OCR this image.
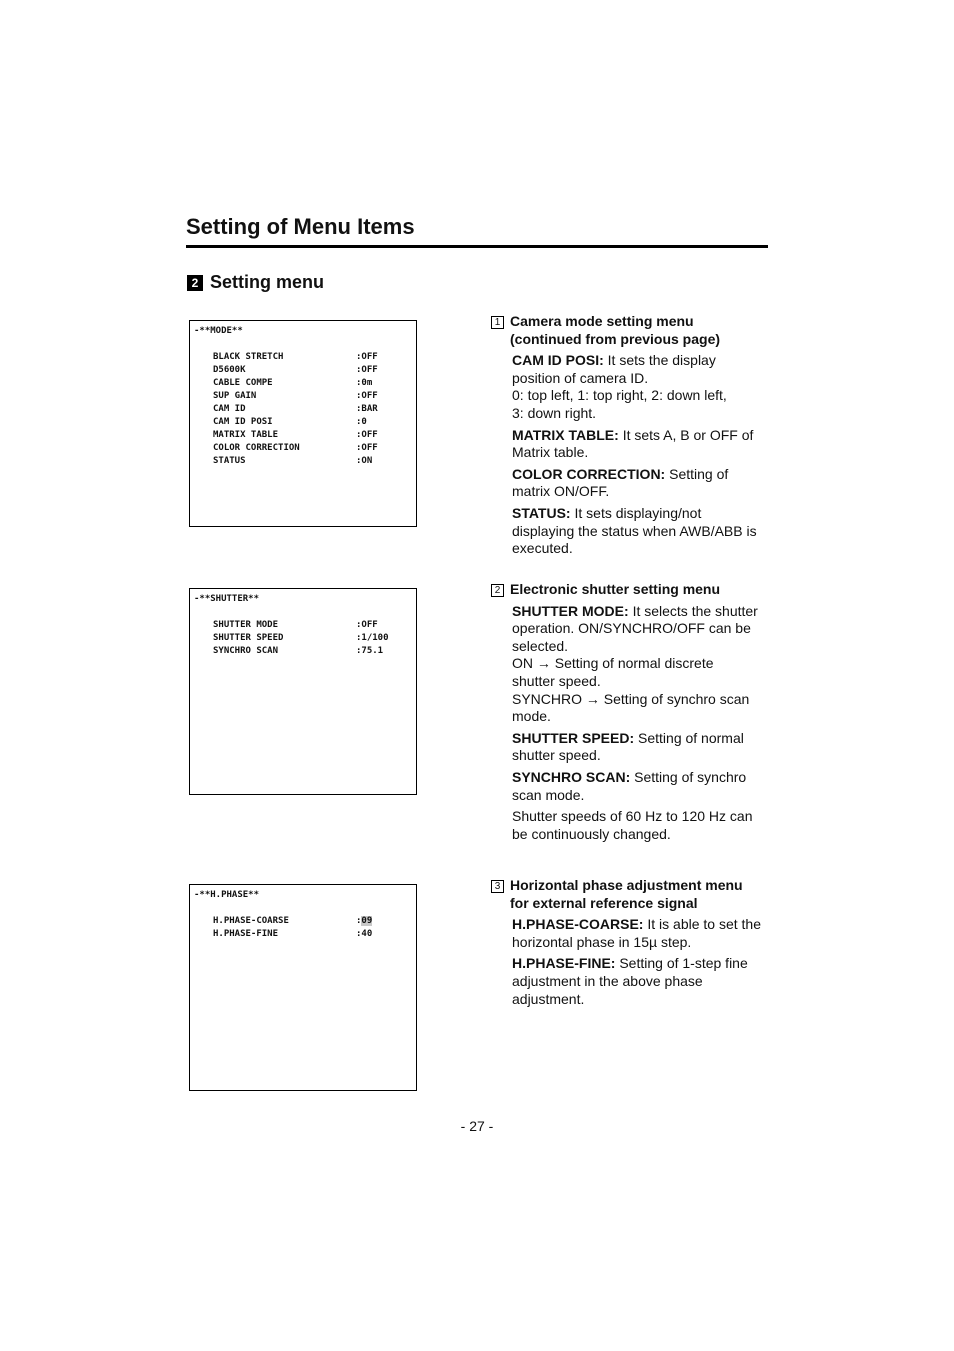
Setting of Menu Items
2 Setting menu
-**MODE**
BLACK STRETCH	:OFF
D5600K	:OFF
CABLE COMPE	:0m
SUP GAIN	:OFF
CAM ID	:BAR
CAM ID POSI	:0
MATRIX TABLE	:OFF
COLOR CORRECTION	:OFF
STATUS	:ON
-**SHUTTER**
SHUTTER MODE	:OFF
SHUTTER SPEED	:1/100
SYNCHRO SCAN	:75.1
-**H.PHASE**
H.PHASE-COARSE	:09
H.PHASE-FINE	:40
1 Camera mode setting menu
(continued from previous page)
CAM ID POSI: It sets the display
position of camera ID.
0: top left, 1: top right, 2: down left,
3: down right.
MATRIX TABLE: It sets A, B or OFF of
Matrix table.
COLOR CORRECTION: Setting of
matrix ON/OFF.
STATUS: It sets displaying/not
displaying the status when AWB/ABB is
executed.
2 Electronic shutter setting menu
SHUTTER MODE: It selects the shutter
operation. ON/SYNCHRO/OFF can be
selected.
ON → Setting of normal discrete
shutter speed.
SYNCHRO → Setting of synchro scan
mode.
SHUTTER SPEED: Setting of normal
shutter speed.
SYNCHRO SCAN: Setting of synchro
scan mode.
Shutter speeds of 60 Hz to 120 Hz can
be continuously changed.
3 Horizontal phase adjustment menu
for external reference signal
H.PHASE-COARSE: It is able to set the
horizontal phase in 15µ step.
H.PHASE-FINE: Setting of 1-step fine
adjustment in the above phase
adjustment.
- 27 -
